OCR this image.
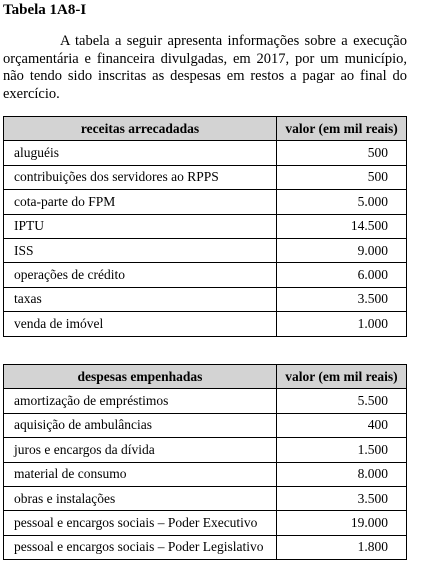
Tabela 1A8-I

A tabela a seguir apresenta informações sobre a execução orçamentária e financeira divulgadas, em 2017, por um município, não tendo sido inscritas as despesas em restos a pagar ao final do exercício.

receitas arrecadadas	valor (em mil reais)
aluguéis	500
contribuições dos servidores ao RPPS	500
cota-parte do FPM	5.000
IPTU	14.500
ISS	9.000
operações de crédito	6.000
taxas	3.500
venda de imóvel	1.000
despesas empenhadas	valor (em mil reais)
amortização de empréstimos	5.500
aquisição de ambulâncias	400
juros e encargos da dívida	1.500
material de consumo	8.000
obras e instalações	3.500
pessoal e encargos sociais – Poder Executivo	19.000
pessoal e encargos sociais – Poder Legislativo	1.800
